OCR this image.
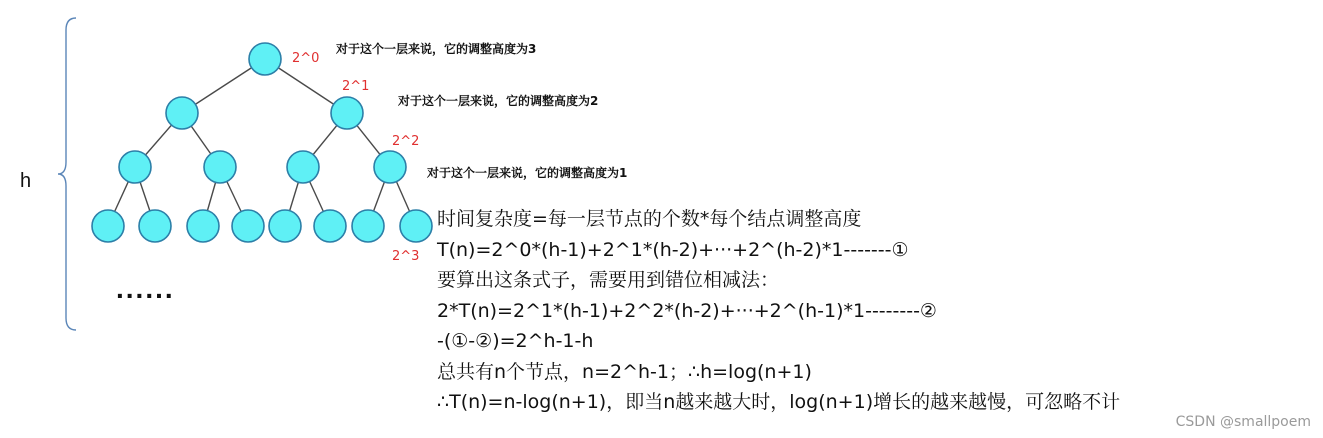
h
2^0
2^1
2^2
2^3
对于这个一层来说，它的调整高度为3
对于这个一层来说，它的调整高度为2
对于这个一层来说，它的调整高度为1
......
时间复杂度=每一层节点的个数*每个结点调整高度
T(n)=2^0*(h-1)+2^1*(h-2)+···+2^(h-2)*1-------①
要算出这条式子，需要用到错位相减法：
2*T(n)=2^1*(h-1)+2^2*(h-2)+···+2^(h-1)*1--------②
-(①-②)=2^h-1-h
总共有n个节点，n=2^h-1；∴h=log(n+1)
∴T(n)=n-log(n+1)，即当n越来越大时，log(n+1)增长的越来越慢，可忽略不计
CSDN @smallpoem
